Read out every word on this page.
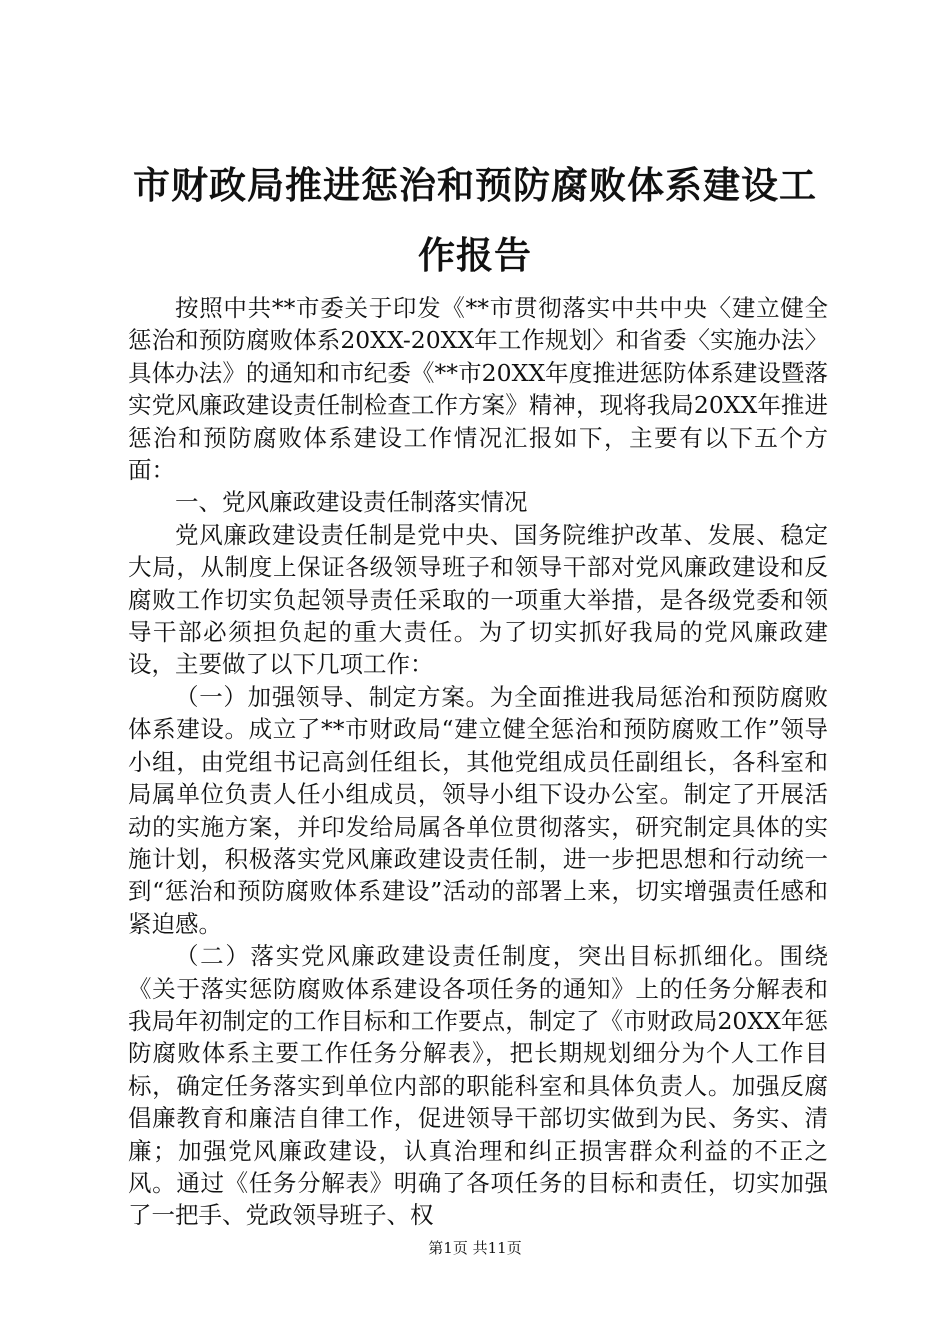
市财政局推进惩治和预防腐败体系建设工作报告

按照中共**市委关于印发《**市贯彻落实中共中央〈建立健全惩治和预防腐败体系20XX-20XX年工作规划〉和省委〈实施办法〉具体办法》的通知和市纪委《**市20XX年度推进惩防体系建设暨落实党风廉政建设责任制检查工作方案》精神，现将我局20XX年推进惩治和预防腐败体系建设工作情况汇报如下，主要有以下五个方面：

一、党风廉政建设责任制落实情况

党风廉政建设责任制是党中央、国务院维护改革、发展、稳定大局，从制度上保证各级领导班子和领导干部对党风廉政建设和反腐败工作切实负起领导责任采取的一项重大举措，是各级党委和领导干部必须担负起的重大责任。为了切实抓好我局的党风廉政建设，主要做了以下几项工作：

（一）加强领导、制定方案。为全面推进我局惩治和预防腐败体系建设。成立了**市财政局“建立健全惩治和预防腐败工作”领导小组，由党组书记高剑任组长，其他党组成员任副组长，各科室和局属单位负责人任小组成员，领导小组下设办公室。制定了开展活动的实施方案，并印发给局属各单位贯彻落实，研究制定具体的实施计划，积极落实党风廉政建设责任制，进一步把思想和行动统一到“惩治和预防腐败体系建设”活动的部署上来，切实增强责任感和紧迫感。

（二）落实党风廉政建设责任制度，突出目标抓细化。围绕《关于落实惩防腐败体系建设各项任务的通知》上的任务分解表和我局年初制定的工作目标和工作要点，制定了《市财政局20XX年惩防腐败体系主要工作任务分解表》，把长期规划细分为个人工作目标，确定任务落实到单位内部的职能科室和具体负责人。加强反腐倡廉教育和廉洁自律工作，促进领导干部切实做到为民、务实、清廉；加强党风廉政建设，认真治理和纠正损害群众利益的不正之风。通过《任务分解表》明确了各项任务的目标和责任，切实加强了一把手、党政领导班子、权

第1页 共11页
